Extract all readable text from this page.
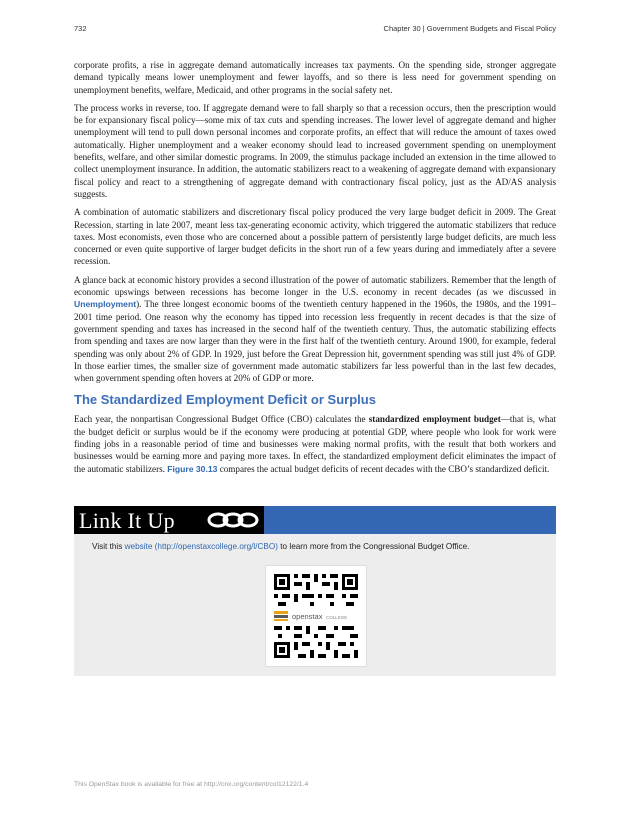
732	Chapter 30 | Government Budgets and Fiscal Policy

corporate profits, a rise in aggregate demand automatically increases tax payments. On the spending side, stronger aggregate demand typically means lower unemployment and fewer layoffs, and so there is less need for government spending on unemployment benefits, welfare, Medicaid, and other programs in the social safety net.

The process works in reverse, too. If aggregate demand were to fall sharply so that a recession occurs, then the prescription would be for expansionary fiscal policy—some mix of tax cuts and spending increases. The lower level of aggregate demand and higher unemployment will tend to pull down personal incomes and corporate profits, an effect that will reduce the amount of taxes owed automatically. Higher unemployment and a weaker economy should lead to increased government spending on unemployment benefits, welfare, and other similar domestic programs. In 2009, the stimulus package included an extension in the time allowed to collect unemployment insurance. In addition, the automatic stabilizers react to a weakening of aggregate demand with expansionary fiscal policy and react to a strengthening of aggregate demand with contractionary fiscal policy, just as the AD/AS analysis suggests.

A combination of automatic stabilizers and discretionary fiscal policy produced the very large budget deficit in 2009. The Great Recession, starting in late 2007, meant less tax-generating economic activity, which triggered the automatic stabilizers that reduce taxes. Most economists, even those who are concerned about a possible pattern of persistently large budget deficits, are much less concerned or even quite supportive of larger budget deficits in the short run of a few years during and immediately after a severe recession.

A glance back at economic history provides a second illustration of the power of automatic stabilizers. Remember that the length of economic upswings between recessions has become longer in the U.S. economy in recent decades (as we discussed in Unemployment). The three longest economic booms of the twentieth century happened in the 1960s, the 1980s, and the 1991–2001 time period. One reason why the economy has tipped into recession less frequently in recent decades is that the size of government spending and taxes has increased in the second half of the twentieth century. Thus, the automatic stabilizing effects from spending and taxes are now larger than they were in the first half of the twentieth century. Around 1900, for example, federal spending was only about 2% of GDP. In 1929, just before the Great Depression hit, government spending was still just 4% of GDP. In those earlier times, the smaller size of government made automatic stabilizers far less powerful than in the last few decades, when government spending often hovers at 20% of GDP or more.

The Standardized Employment Deficit or Surplus

Each year, the nonpartisan Congressional Budget Office (CBO) calculates the standardized employment budget—that is, what the budget deficit or surplus would be if the economy were producing at potential GDP, where people who look for work were finding jobs in a reasonable period of time and businesses were making normal profits, with the result that both workers and businesses would be earning more and paying more taxes. In effect, the standardized employment deficit eliminates the impact of the automatic stabilizers. Figure 30.13 compares the actual budget deficits of recent decades with the CBO’s standardized deficit.

Link It Up
Visit this website (http://openstaxcollege.org/l/CBO) to learn more from the Congressional Budget Office.
openstax COLLEGE
This OpenStax book is available for free at http://cnx.org/content/col12122/1.4
